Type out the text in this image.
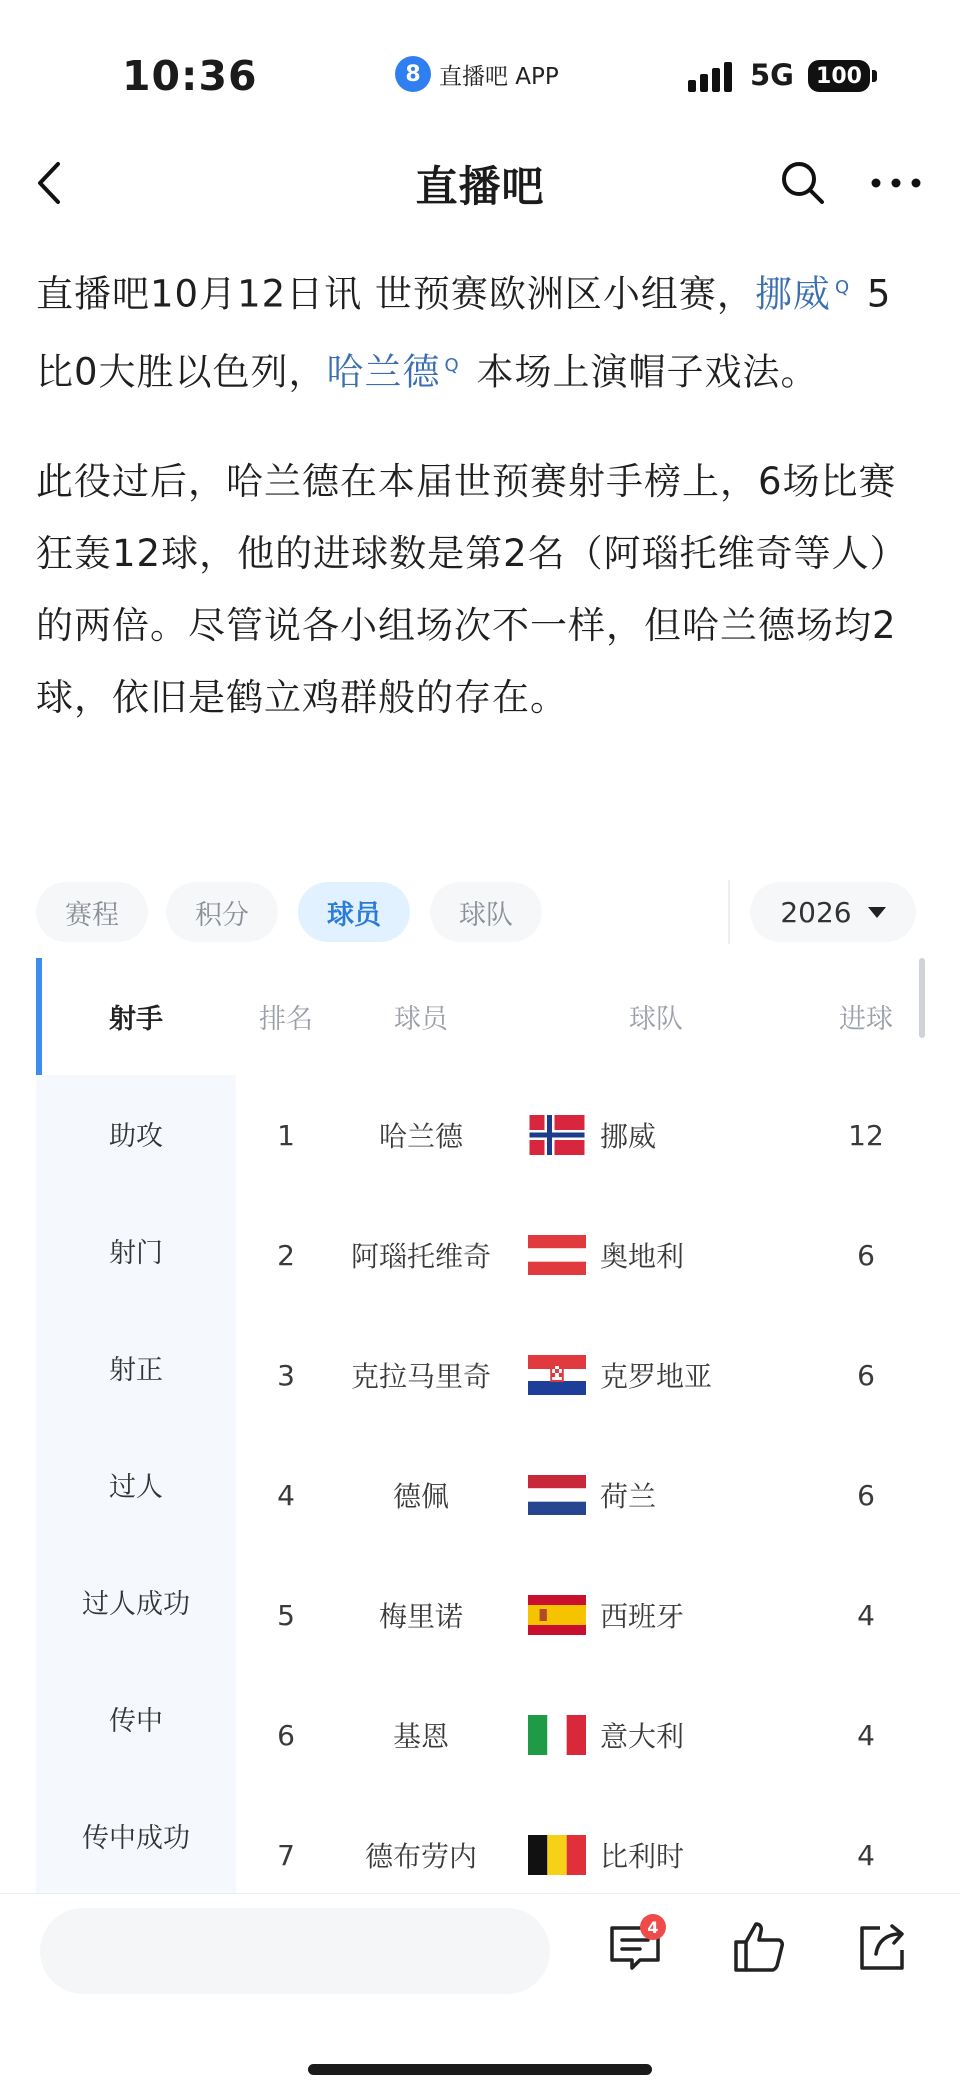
10:36	8 直播吧 APP	5G	100
直播吧

直播吧10月12日讯 世预赛欧洲区小组赛，挪威 $^Q$ 5比0大胜以色列，哈兰德 $^Q$ 本场上演帽子戏法。

此役过后，哈兰德在本届世预赛射手榜上，6场比赛狂轰12球，他的进球数是第2名（阿瑙托维奇等人）的两倍。尽管说各小组场次不一样，但哈兰德场均2球，依旧是鹤立鸡群般的存在。

赛程	积分	球员	球队	2026
射手
助攻
射门
射正
过人
过人成功
传中
传中成功
排名	球员	球队	进球
1	哈兰德	挪威	12
2	阿瑙托维奇	奥地利	6
3	克拉马里奇	克罗地亚	6
4	德佩	荷兰	6
5	梅里诺	西班牙	4
6	基恩	意大利	4
7	德布劳内	比利时	4
4
